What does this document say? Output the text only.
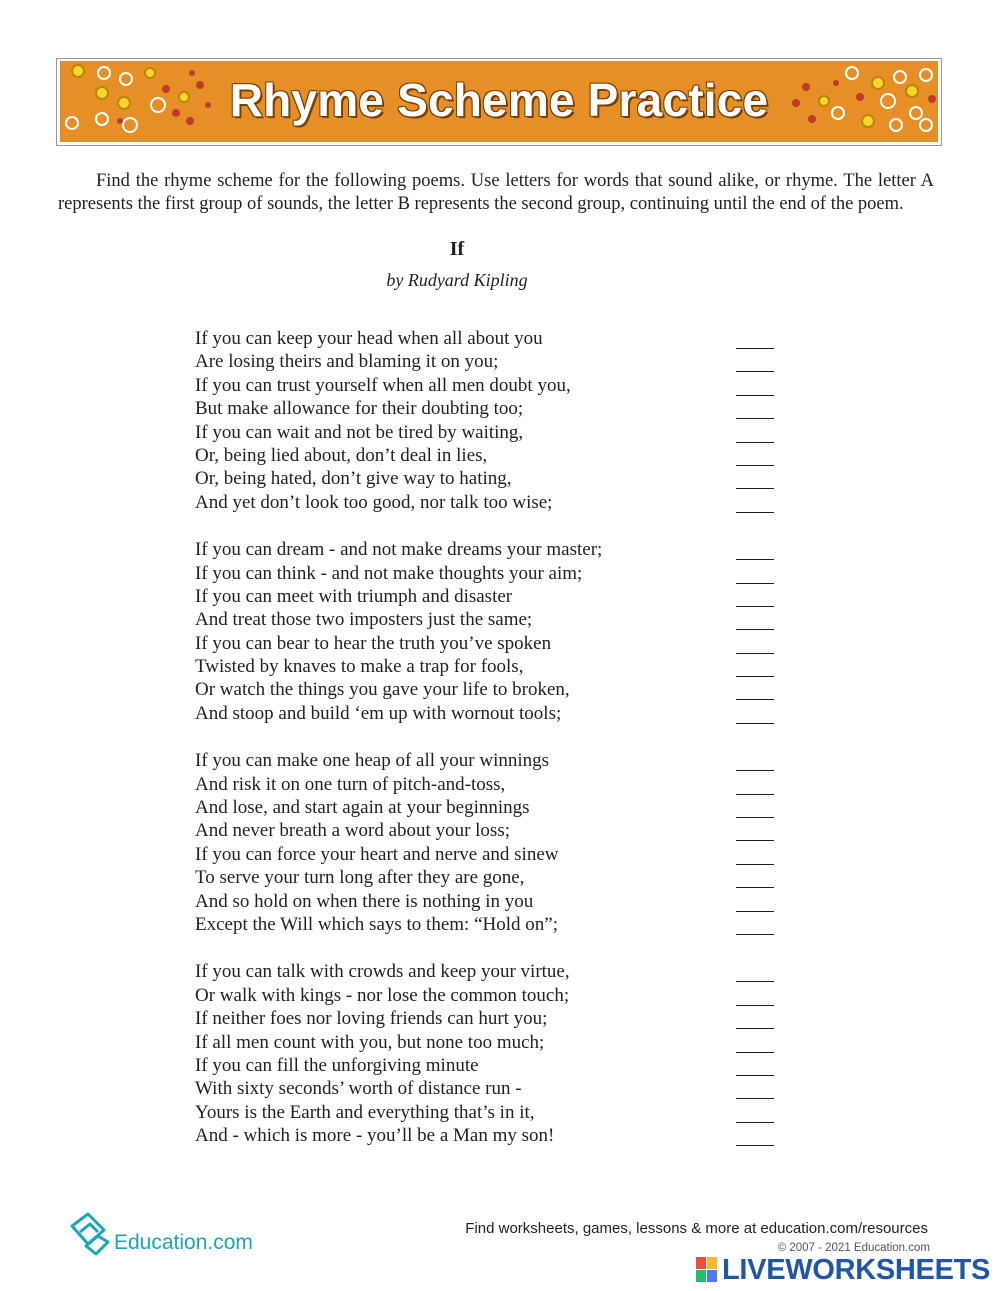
Rhyme Scheme Practice

Find the rhyme scheme for the following poems. Use letters for words that sound alike, or rhyme. The letter A represents the first group of sounds, the letter B represents the second group, continuing until the end of the poem.

If
by Rudyard Kipling
If you can keep your head when all about you
Are losing theirs and blaming it on you;
If you can trust yourself when all men doubt you,
But make allowance for their doubting too;
If you can wait and not be tired by waiting,
Or, being lied about, don’t deal in lies,
Or, being hated, don’t give way to hating,
And yet don’t look too good, nor talk too wise;
If you can dream - and not make dreams your master;
If you can think - and not make thoughts your aim;
If you can meet with triumph and disaster
And treat those two imposters just the same;
If you can bear to hear the truth you’ve spoken
Twisted by knaves to make a trap for fools,
Or watch the things you gave your life to broken,
And stoop and build ‘em up with wornout tools;
If you can make one heap of all your winnings
And risk it on one turn of pitch-and-toss,
And lose, and start again at your beginnings
And never breath a word about your loss;
If you can force your heart and nerve and sinew
To serve your turn long after they are gone,
And so hold on when there is nothing in you
Except the Will which says to them: “Hold on”;
If you can talk with crowds and keep your virtue,
Or walk with kings - nor lose the common touch;
If neither foes nor loving friends can hurt you;
If all men count with you, but none too much;
If you can fill the unforgiving minute
With sixty seconds’ worth of distance run -
Yours is the Earth and everything that’s in it,
And - which is more - you’ll be a Man my son!
Education.com
Find worksheets, games, lessons & more at education.com/resources
© 2007 - 2021 Education.com
LIVEWORKSHEETS
